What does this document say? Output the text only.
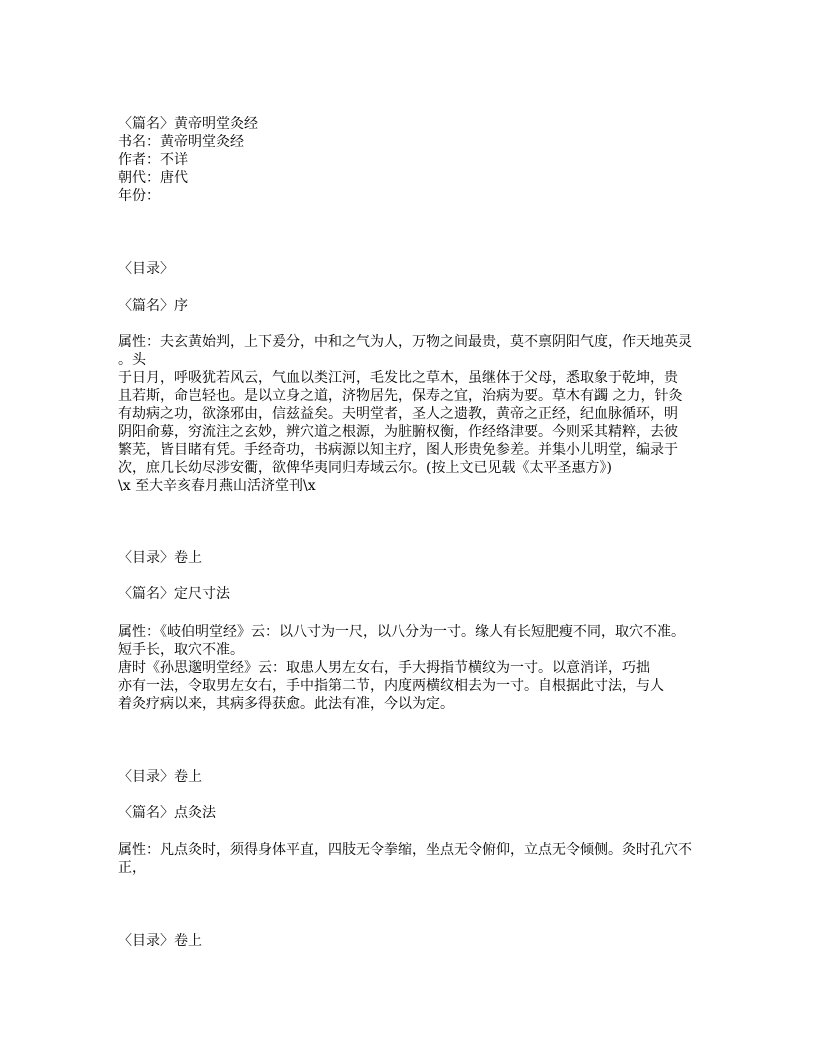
〈篇名〉黄帝明堂灸经
书名：黄帝明堂灸经
作者：不详
朝代：唐代
年份：
〈目录〉
〈篇名〉序
属性：夫玄黄始判，上下爰分，中和之气为人，万物之间最贵，莫不禀阴阳气度，作天地英灵
。头
于日月，呼吸犹若风云，气血以类江河，毛发比之草木，虽继体于父母，悉取象于乾坤，贵
且若斯，命岂轻也。是以立身之道，济物居先，保寿之宜，治病为要。草木有蠲 之力，针灸
有劫病之功，欲涤邪由，信兹益矣。夫明堂者，圣人之遗教，黄帝之正经，纪血脉循环，明
阴阳俞募，穷流注之玄妙，辨穴道之根源，为脏腑权衡，作经络津要。今则采其精粹，去彼
繁芜，皆目睹有凭。手经奇功，书病源以知主疗，图人形贵免参差。并集小儿明堂，编录于
次，庶几长幼尽涉安衢，欲俾华夷同归寿域云尔。(按上文已见载《太平圣惠方》)
\x 至大辛亥春月燕山活济堂刊\x
〈目录〉卷上
〈篇名〉定尺寸法
属性：《岐伯明堂经》云：以八寸为一尺，以八分为一寸。缘人有长短肥瘦不同，取穴不准。
短手长，取穴不准。
唐时《孙思邈明堂经》云：取患人男左女右，手大拇指节横纹为一寸。以意消详，巧拙
亦有一法，令取男左女右，手中指第二节，内度两横纹相去为一寸。自根据此寸法，与人
着灸疗病以来，其病多得获愈。此法有准，今以为定。
〈目录〉卷上
〈篇名〉点灸法
属性：凡点灸时，须得身体平直，四肢无令拳缩，坐点无令俯仰，立点无令倾侧。灸时孔穴不
正，
〈目录〉卷上
